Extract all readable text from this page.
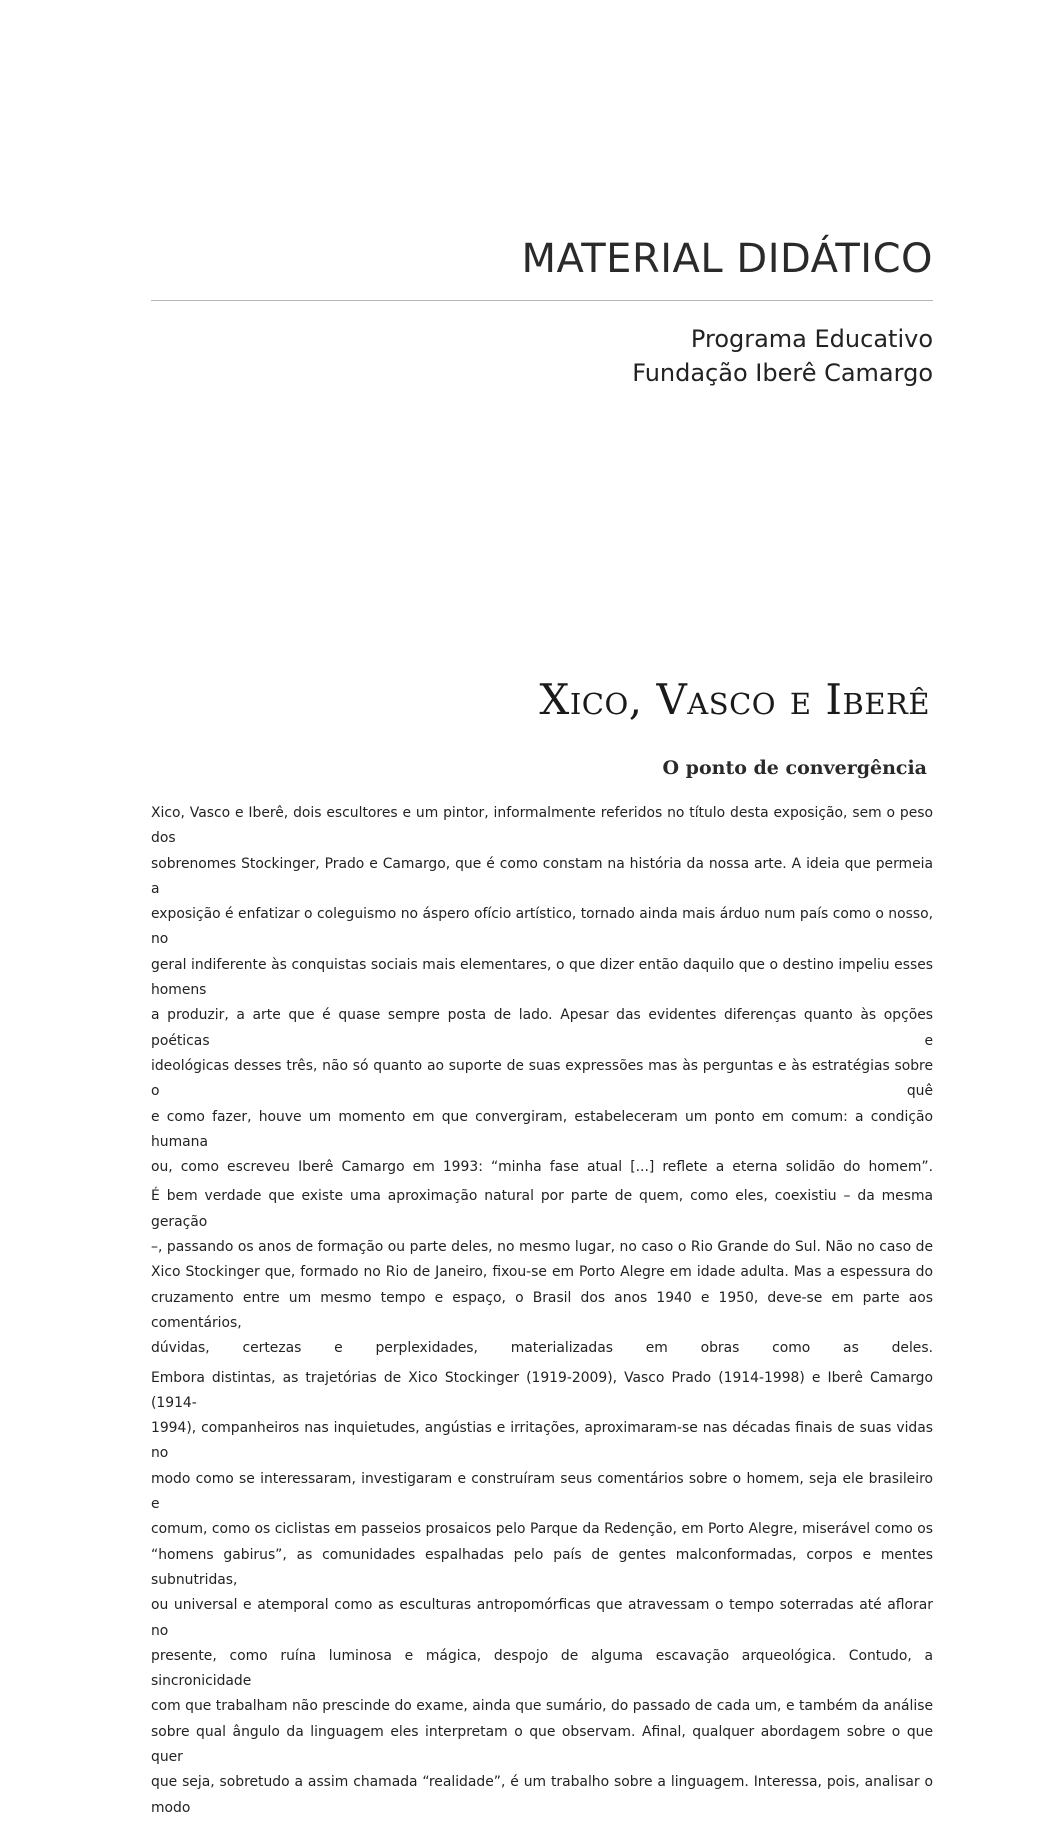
MATERIAL DIDÁTICO
Programa Educativo
Fundação Iberê Camargo
Xico, Vasco e Iberê
O ponto de convergência

Xico, Vasco e Iberê, dois escultores e um pintor, informalmente referidos no título desta exposição, sem o peso dos
sobrenomes Stockinger, Prado e Camargo, que é como constam na história da nossa arte. A ideia que permeia a
exposição é enfatizar o coleguismo no áspero ofício artístico, tornado ainda mais árduo num país como o nosso, no
geral indiferente às conquistas sociais mais elementares, o que dizer então daquilo que o destino impeliu esses homens
a produzir, a arte que é quase sempre posta de lado. Apesar das evidentes diferenças quanto às opções poéticas e
ideológicas desses três, não só quanto ao suporte de suas expressões mas às perguntas e às estratégias sobre o quê
e como fazer, houve um momento em que convergiram, estabeleceram um ponto em comum: a condição humana
ou, como escreveu Iberê Camargo em 1993: “minha fase atual [...] reflete a eterna solidão do homem”.

É bem verdade que existe uma aproximação natural por parte de quem, como eles, coexistiu – da mesma geração
–, passando os anos de formação ou parte deles, no mesmo lugar, no caso o Rio Grande do Sul. Não no caso de
Xico Stockinger que, formado no Rio de Janeiro, fixou-se em Porto Alegre em idade adulta. Mas a espessura do
cruzamento entre um mesmo tempo e espaço, o Brasil dos anos 1940 e 1950, deve-se em parte aos comentários,
dúvidas, certezas e perplexidades, materializadas em obras como as deles.

Embora distintas, as trajetórias de Xico Stockinger (1919-2009), Vasco Prado (1914-1998) e Iberê Camargo (1914-
1994), companheiros nas inquietudes, angústias e irritações, aproximaram-se nas décadas finais de suas vidas no
modo como se interessaram, investigaram e construíram seus comentários sobre o homem, seja ele brasileiro e
comum, como os ciclistas em passeios prosaicos pelo Parque da Redenção, em Porto Alegre, miserável como os
“homens gabirus”, as comunidades espalhadas pelo país de gentes malconformadas, corpos e mentes subnutridas,
ou universal e atemporal como as esculturas antropomórficas que atravessam o tempo soterradas até aflorar no
presente, como ruína luminosa e mágica, despojo de alguma escavação arqueológica. Contudo, a sincronicidade
com que trabalham não prescinde do exame, ainda que sumário, do passado de cada um, e também da análise
sobre qual ângulo da linguagem eles interpretam o que observam. Afinal, qualquer abordagem sobre o que quer
que seja, sobretudo a assim chamada “realidade”, é um trabalho sobre a linguagem. Interessa, pois, analisar o modo
